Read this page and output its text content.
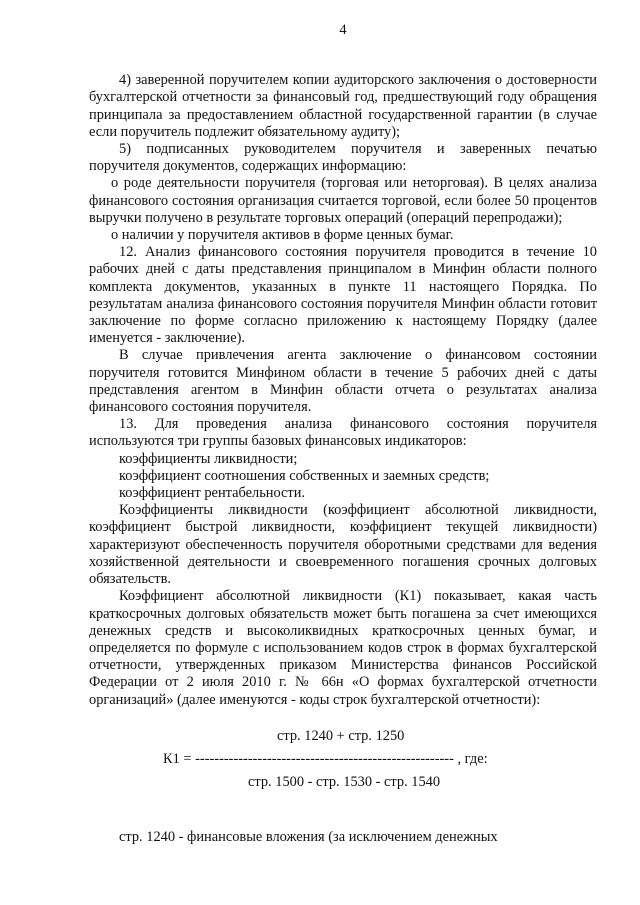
4

4) заверенной поручителем копии аудиторского заключения о достоверности бухгалтерской отчетности за финансовый год, предшествующий году обращения принципала за предоставлением областной государственной гарантии (в случае если поручитель подлежит обязательному аудиту);

5) подписанных руководителем поручителя и заверенных печатью поручителя документов, содержащих информацию:

о роде деятельности поручителя (торговая или неторговая). В целях анализа финансового состояния организация считается торговой, если более 50 процентов выручки получено в результате торговых операций (операций перепродажи);

о наличии у поручителя активов в форме ценных бумаг.

12. Анализ финансового состояния поручителя проводится в течение 10 рабочих дней с даты представления принципалом в Минфин области полного комплекта документов, указанных в пункте 11 настоящего Порядка. По результатам анализа финансового состояния поручителя Минфин области готовит заключение по форме согласно приложению к настоящему Порядку (далее именуется - заключение).

В случае привлечения агента заключение о финансовом состоянии поручителя готовится Минфином области в течение 5 рабочих дней с даты представления агентом в Минфин области отчета о результатах анализа финансового состояния поручителя.

13. Для проведения анализа финансового состояния поручителя используются три группы базовых финансовых индикаторов:

коэффициенты ликвидности;

коэффициент соотношения собственных и заемных средств;

коэффициент рентабельности.

Коэффициенты ликвидности (коэффициент абсолютной ликвидности, коэффициент быстрой ликвидности, коэффициент текущей ликвидности) характеризуют обеспеченность поручителя оборотными средствами для ведения хозяйственной деятельности и своевременного погашения срочных долговых обязательств.

Коэффициент абсолютной ликвидности (К1) показывает, какая часть краткосрочных долговых обязательств может быть погашена за счет имеющихся денежных средств и высоколиквидных краткосрочных ценных бумаг, и определяется по формуле с использованием кодов строк в формах бухгалтерской отчетности, утвержденных приказом Министерства финансов Российской Федерации от 2 июля 2010 г. № 66н «О формах бухгалтерской отчетности организаций» (далее именуются - коды строк бухгалтерской отчетности):

стр. 1240 + стр. 1250
К1 = ------------------------------------------------------ , где:
стр. 1500 - стр. 1530 - стр. 1540

стр. 1240 - финансовые вложения (за исключением денежных
